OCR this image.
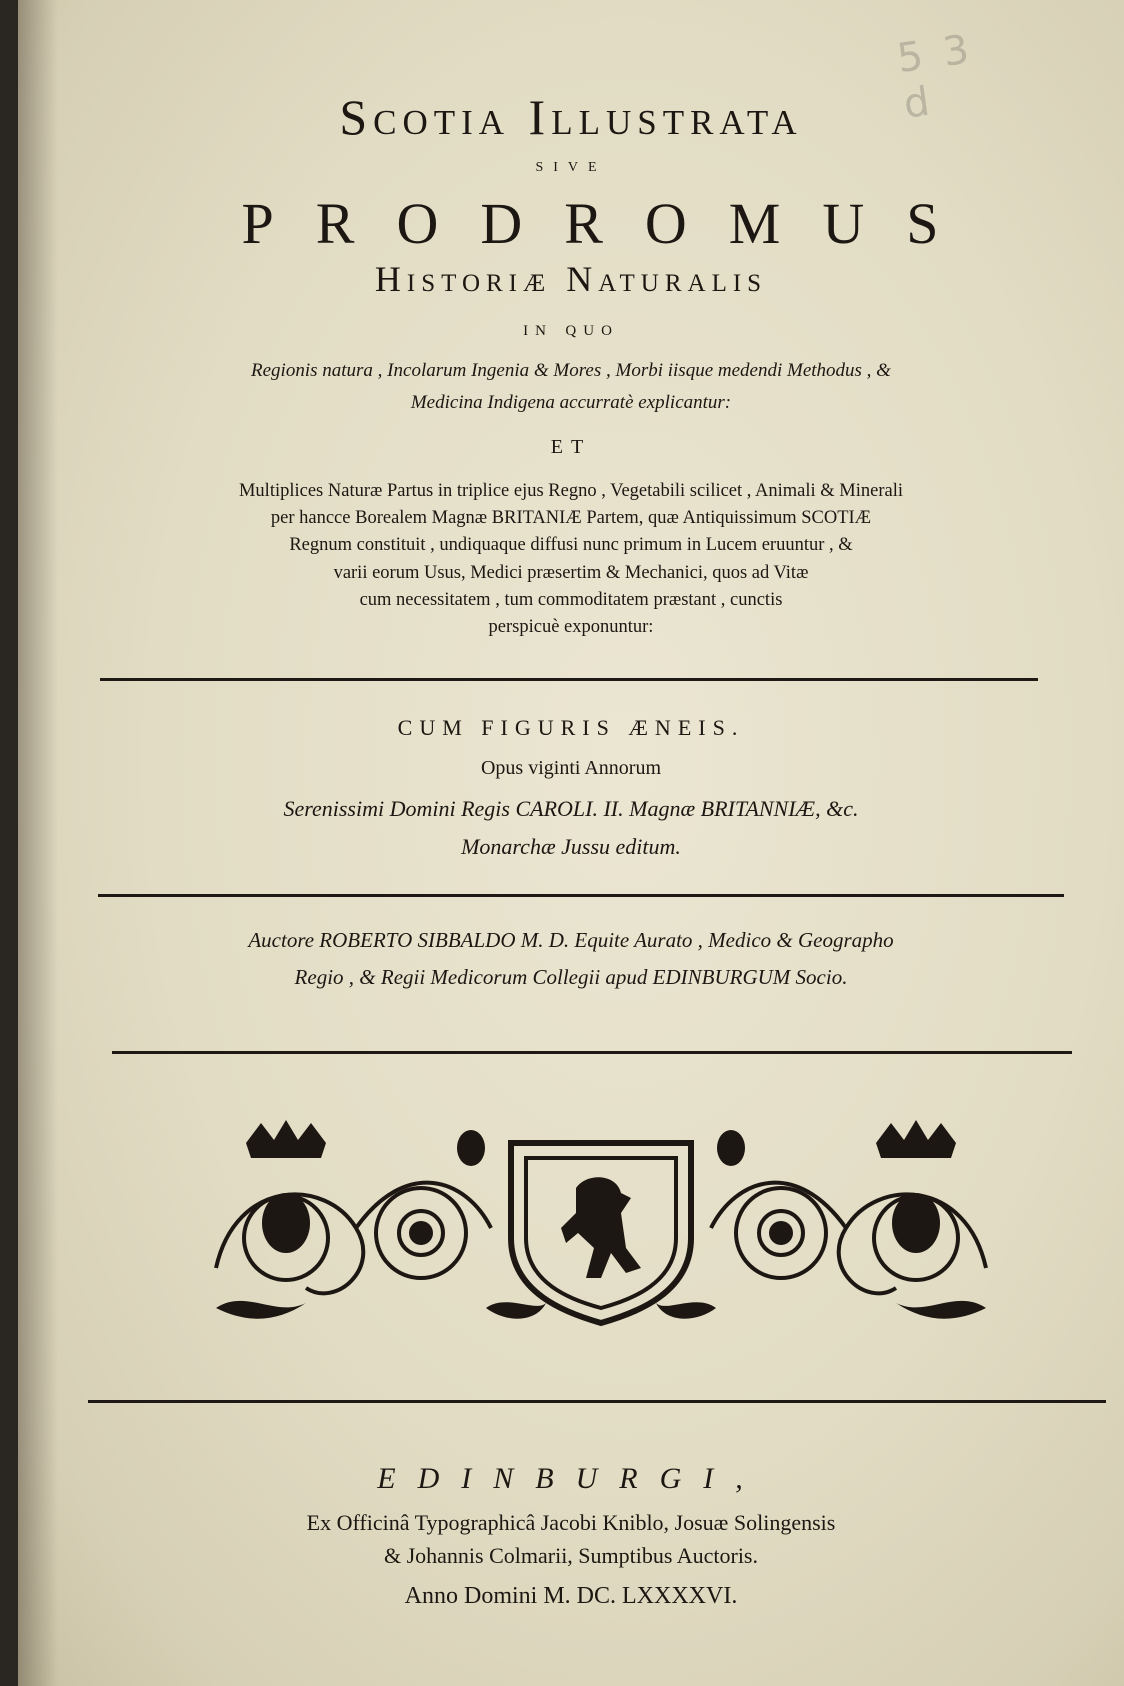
5 3 d
Scotia Illustrata
sive
PRODROMUS
Historiæ Naturalis
in quo
Regionis natura , Incolarum Ingenia & Mores , Morbi iisque medendi Methodus , &
Medicina Indigena accurratè explicantur:
ET
Multiplices Naturæ Partus in triplice ejus Regno , Vegetabili scilicet , Animali & Minerali
per hancce Borealem Magnæ BRITANIÆ Partem, quæ Antiquissimum SCOTIÆ
Regnum constituit , undiquaque diffusi nunc primum in Lucem eruuntur , &
varii eorum Usus, Medici præsertim & Mechanici, quos ad Vitæ
cum necessitatem , tum commoditatem præstant , cunctis
perspicuè exponuntur:
CUM FIGURIS ÆNEIS.
Opus viginti Annorum
Serenissimi Domini Regis CAROLI. II. Magnæ BRITANNIÆ, &c.
Monarchæ Jussu editum.
Auctore ROBERTO SIBBALDO M. D. Equite Aurato , Medico & Geographo
Regio , & Regii Medicorum Collegii apud EDINBURGUM Socio.
EDINBURGI,
Ex Officinâ Typographicâ Jacobi Kniblo, Josuæ Solingensis
& Johannis Colmarii, Sumptibus Auctoris.
Anno Domini M. DC. LXXXXVI.
